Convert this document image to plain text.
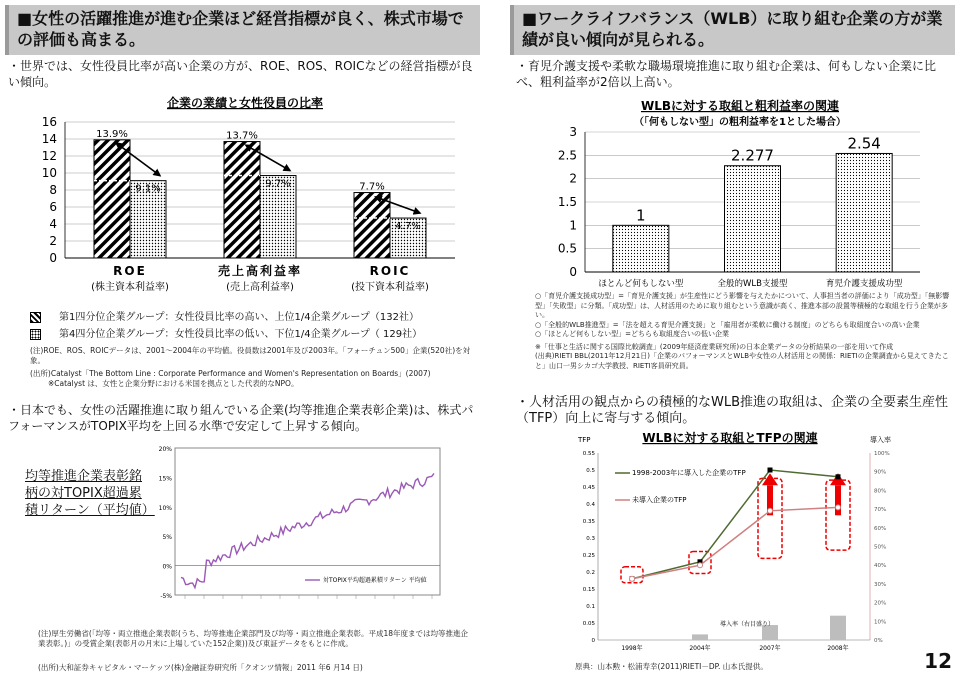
■女性の活躍推進が進む企業ほど経営指標が良く、株式市場での評価も高まる。
・世界では、女性役員比率が高い企業の方が、ROE、ROS、ROICなどの経営指標が良い傾向。
企業の業績と女性役員の比率
0
2
4
6
8
10
12
14
16
13.9%
9.1%
ROE
(株主資本利益率)
13.7%
9.7%
売上高利益率
(売上高利益率)
7.7%
4.7%
ROIC
(投下資本利益率)
第1四分位企業グループ：女性役員比率の高い、上位1/4企業グループ（132社）
第4四分位企業グループ：女性役員比率の低い、下位1/4企業グループ（ 129社）
(注)ROE、ROS、ROICデータは、2001～2004年の平均値。役員数は2001年及び2003年。「フォーチュン500」企業(520社)を対象。
(出所)Catalyst「The Bottom Line : Corporate Performance and Women's Representation on Boards」(2007)
※Catalyst は、女性と企業分野における米国を拠点とした代表的なNPO。
・日本でも、女性の活躍推進に取り組んでいる企業(均等推進企業表彰企業)は、株式パフォーマンスがTOPIX平均を上回る水準で安定して上昇する傾向。
均等推進企業表彰銘柄の対TOPIX超過累積リターン（平均値）
20%
15%
10%
5%
0%
-5%
対TOPIX平均超過累積リターン 平均値
(注)厚生労働省(「均等・両立推進企業表彰(うち、均等推進企業部門及び均等・両立推進企業表彰。平成18年度までは均等推進企業表彰。)」の受賞企業(表彰月の月末に上場していた152企業))及び東証データをもとに作成。
(出所)大和証券キャピタル・マーケッツ(株)金融証券研究所「クオンツ情報」2011 年6 月14 日)
■ワークライフバランス（WLB）に取り組む企業の方が業績が良い傾向が見られる。
・育児介護支援や柔軟な職場環境推進に取り組む企業は、何もしない企業に比べ、粗利益率が2倍以上高い。
WLBに対する取組と粗利益率の関連
（「何もしない型」の粗利益率を1とした場合）
0
0.5
1
1.5
2
2.5
3
1
ほとんど何もしない型
2.277
全般的WLB支援型
2.54
育児介護支援成功型
○「育児介護支援成功型」=「育児介護支援」が生産性にどう影響を与えたかについて、人事担当者の評価により「成功型」「無影響型」「失敗型」に分類。「成功型」は、人材活用のために取り組むという意識が高く、推進本部の設置等積極的な取組を行う企業が多い。
○「全般的WLB推進型」=「法を超える育児介護支援」と「雇用者が柔軟に働ける制度」のどちらも取組度合いの高い企業
○「ほとんど何もしない型」=どちらも取組度合いの低い企業
※「仕事と生活に関する国際比較調査」(2009年経済産業研究所)の日本企業データの分析結果の一部を用いて作成
(出典)RIETI BBL(2011年12月21日)「企業のパフォーマンスとWLBや女性の人材活用との関係：RIETIの企業調査から見えてきたこと」山口一男シカゴ大学教授、RIETI客員研究員。
・人材活用の観点からの積極的なWLB推進の取組は、企業の全要素生産性（TFP）向上に寄与する傾向。
WLBに対する取組とTFPの関連
TFP	導入率
0.55
0.5
0.45
0.4
0.35
0.3
0.25
0.2
0.15
0.1
0.05
0
100%
90%
80%
70%
60%
50%
40%
30%
20%
10%
0%
導入率（右目盛り）
1998-2003年に導入した企業のTFP
未導入企業のTFP
1998年	2004年	2007年	2008年
原典：山本勲・松浦寿幸(2011)RIETI－DP. 山本氏提供。	12
